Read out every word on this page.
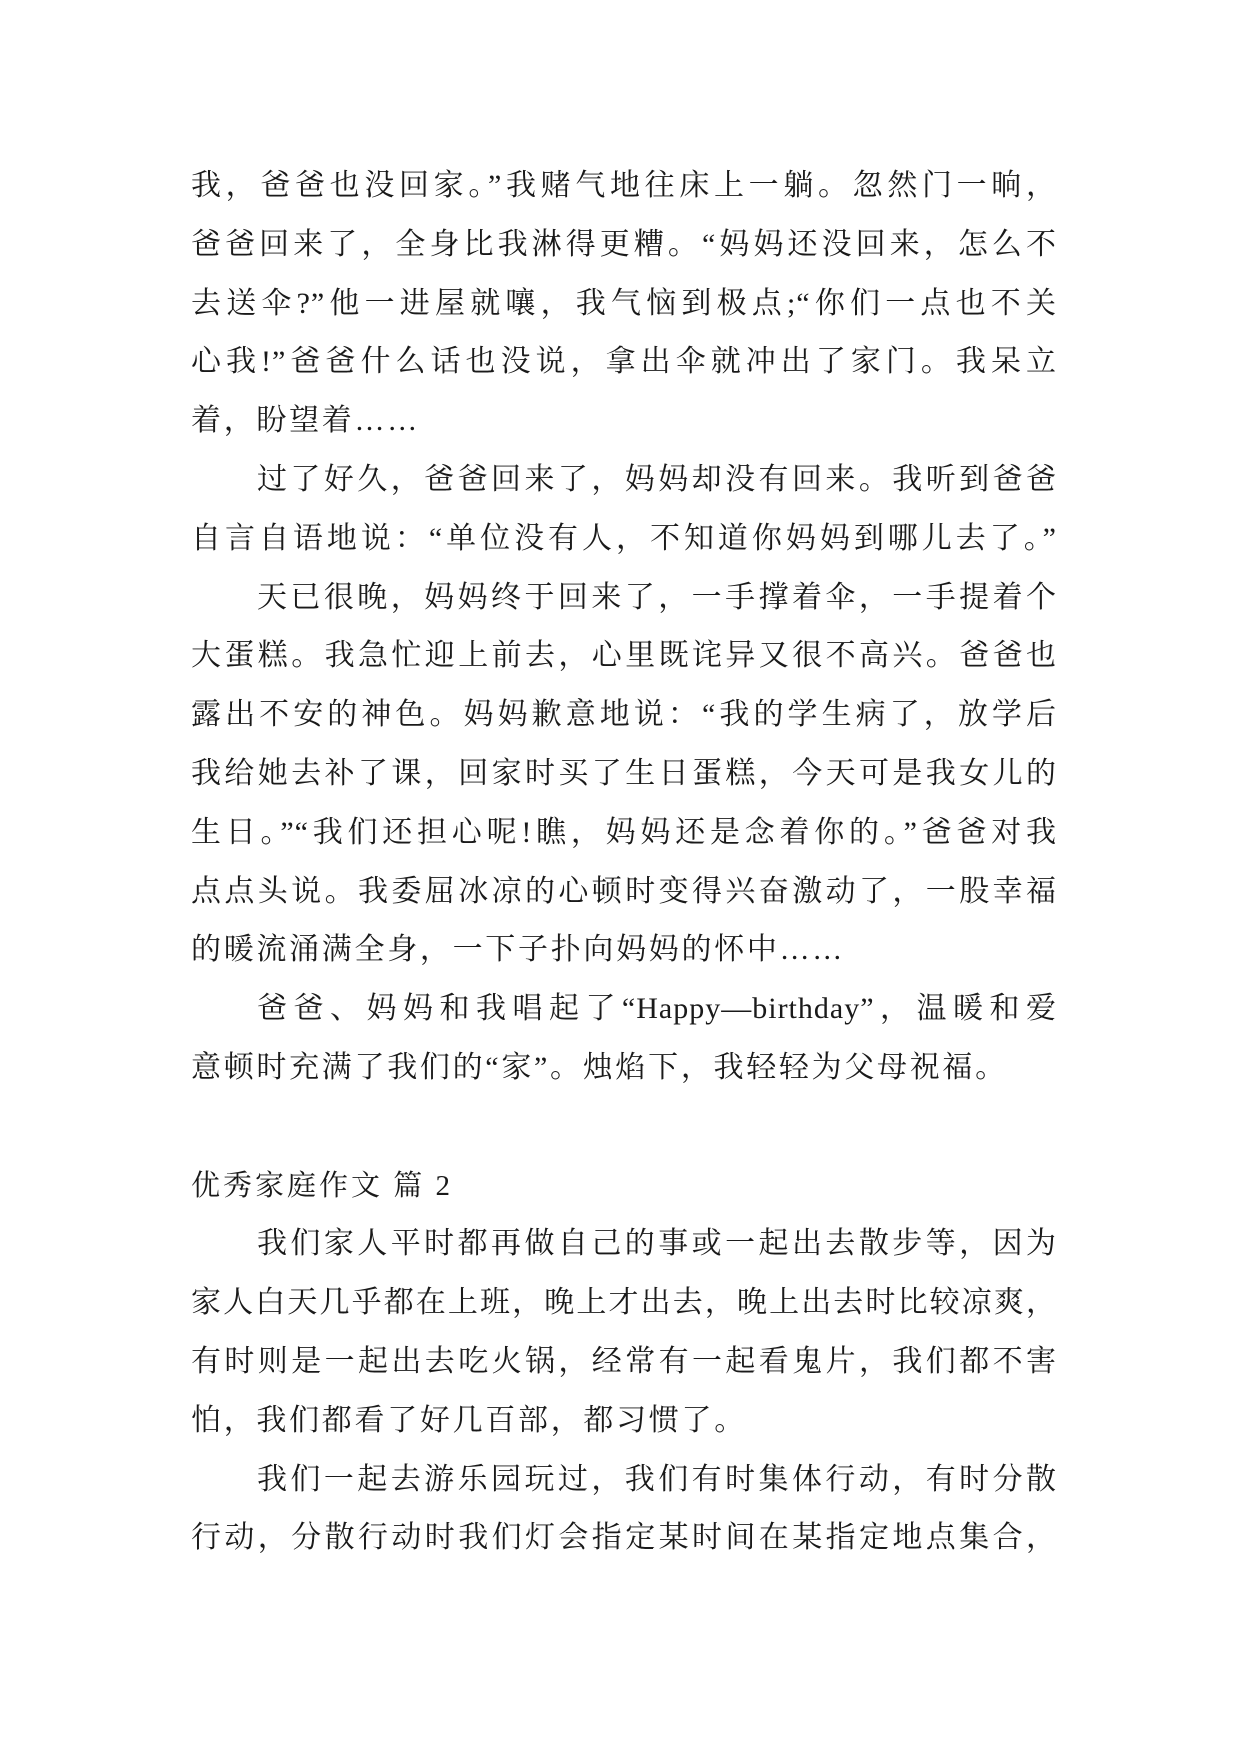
我，爸爸也没回家。”我赌气地往床上一躺。忽然门一晌，
爸爸回来了，全身比我淋得更糟。“妈妈还没回来，怎么不
去送伞?”他一进屋就嚷，我气恼到极点;“你们一点也不关
心我!”爸爸什么话也没说，拿出伞就冲出了家门。我呆立
着，盼望着……
过了好久，爸爸回来了，妈妈却没有回来。我听到爸爸
自言自语地说：“单位没有人，不知道你妈妈到哪儿去了。”
天已很晚，妈妈终于回来了，一手撑着伞，一手提着个
大蛋糕。我急忙迎上前去，心里既诧异又很不高兴。爸爸也
露出不安的神色。妈妈歉意地说：“我的学生病了，放学后
我给她去补了课，回家时买了生日蛋糕，今天可是我女儿的
生日。”“我们还担心呢!瞧，妈妈还是念着你的。”爸爸对我
点点头说。我委屈冰凉的心顿时变得兴奋激动了，一股幸福
的暖流涌满全身，一下子扑向妈妈的怀中……
爸爸、妈妈和我唱起了“Happy—birthday”，温暖和爱
意顿时充满了我们的“家”。烛焰下，我轻轻为父母祝福。
优秀家庭作文 篇 2
我们家人平时都再做自己的事或一起出去散步等，因为
家人白天几乎都在上班，晚上才出去，晚上出去时比较凉爽，
有时则是一起出去吃火锅，经常有一起看鬼片，我们都不害
怕，我们都看了好几百部，都习惯了。
我们一起去游乐园玩过，我们有时集体行动，有时分散
行动，分散行动时我们灯会指定某时间在某指定地点集合，
